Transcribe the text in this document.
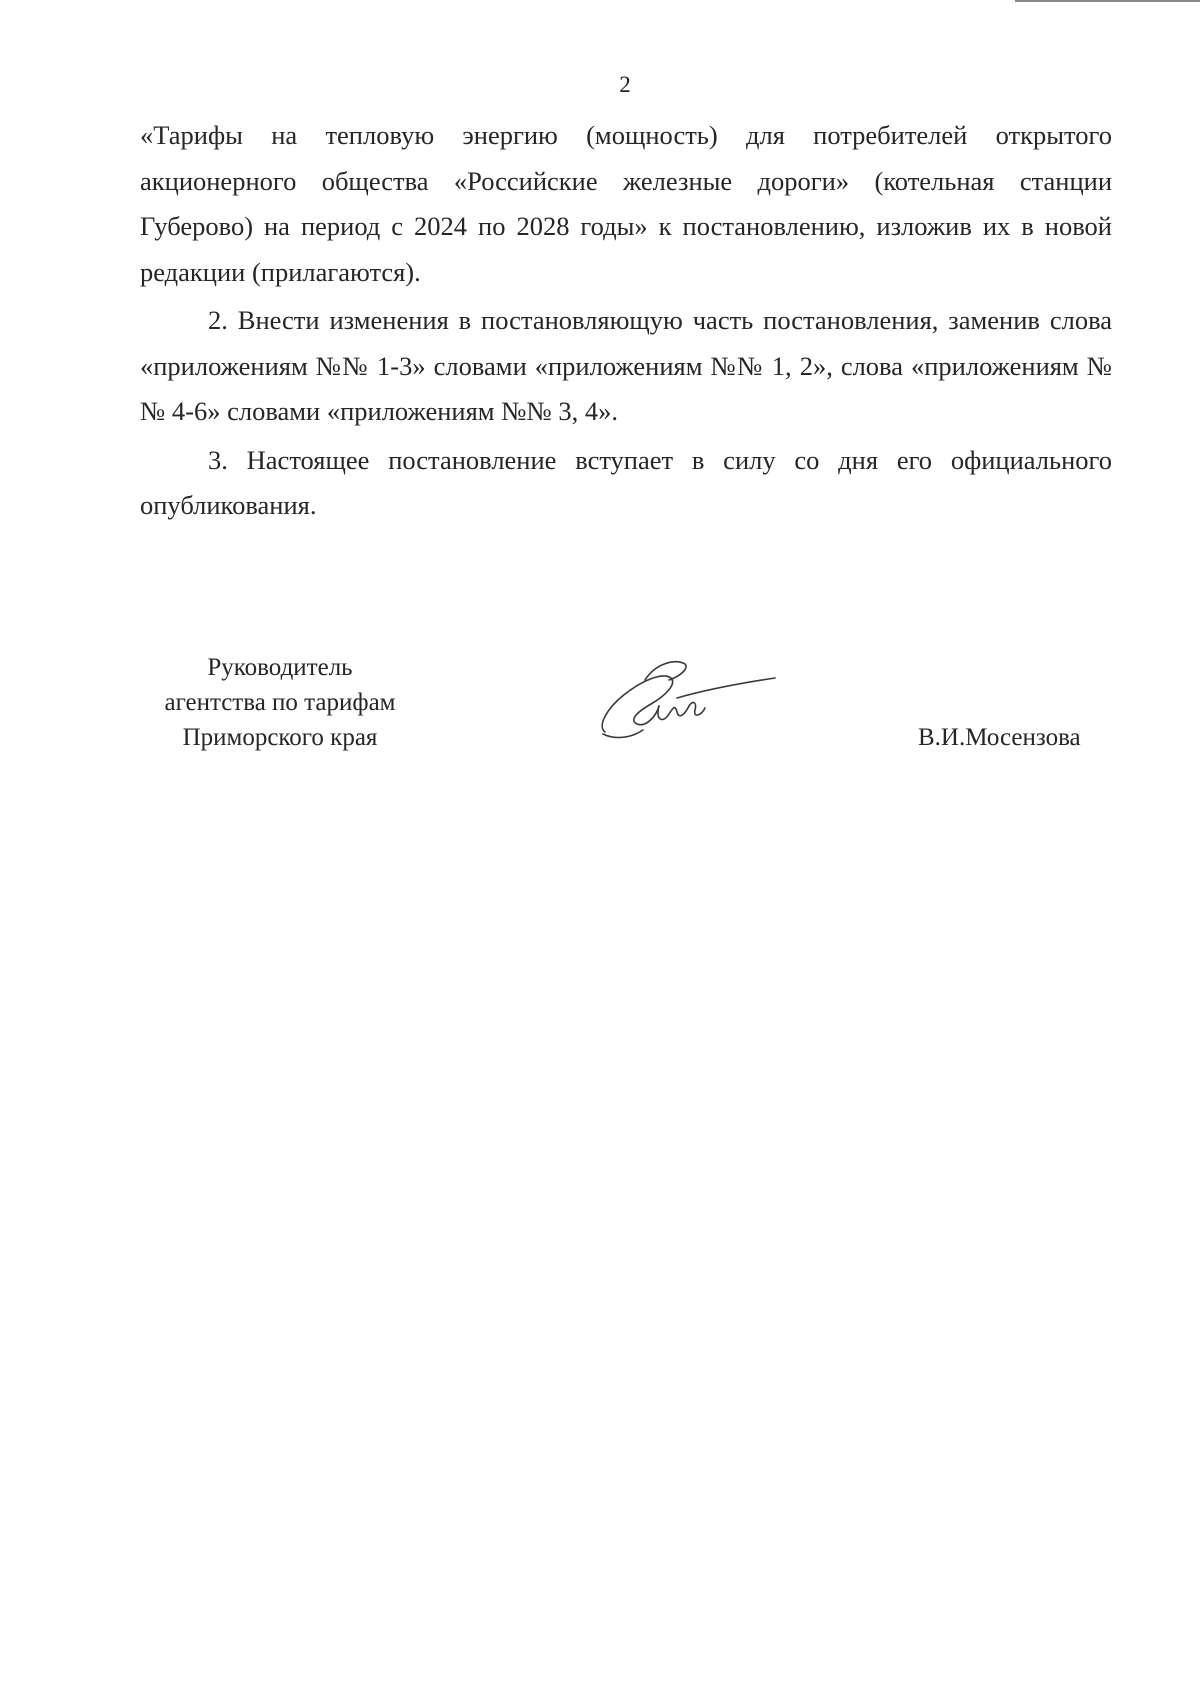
2

«Тарифы на тепловую энергию (мощность) для потребителей открытого акционерного общества «Российские железные дороги» (котельная станции Губерово) на период с 2024 по 2028 годы» к постановлению, изложив их в новой редакции (прилагаются).

2. Внести изменения в постановляющую часть постановления, заменив слова «приложениям №№ 1-3» словами «приложениям №№ 1, 2», слова «приложениям №№ 4-6» словами «приложениям №№ 3, 4».

3. Настоящее постановление вступает в силу со дня его официального опубликования.

Руководитель
агентства по тарифам
Приморского края	В.И.Мосензова
